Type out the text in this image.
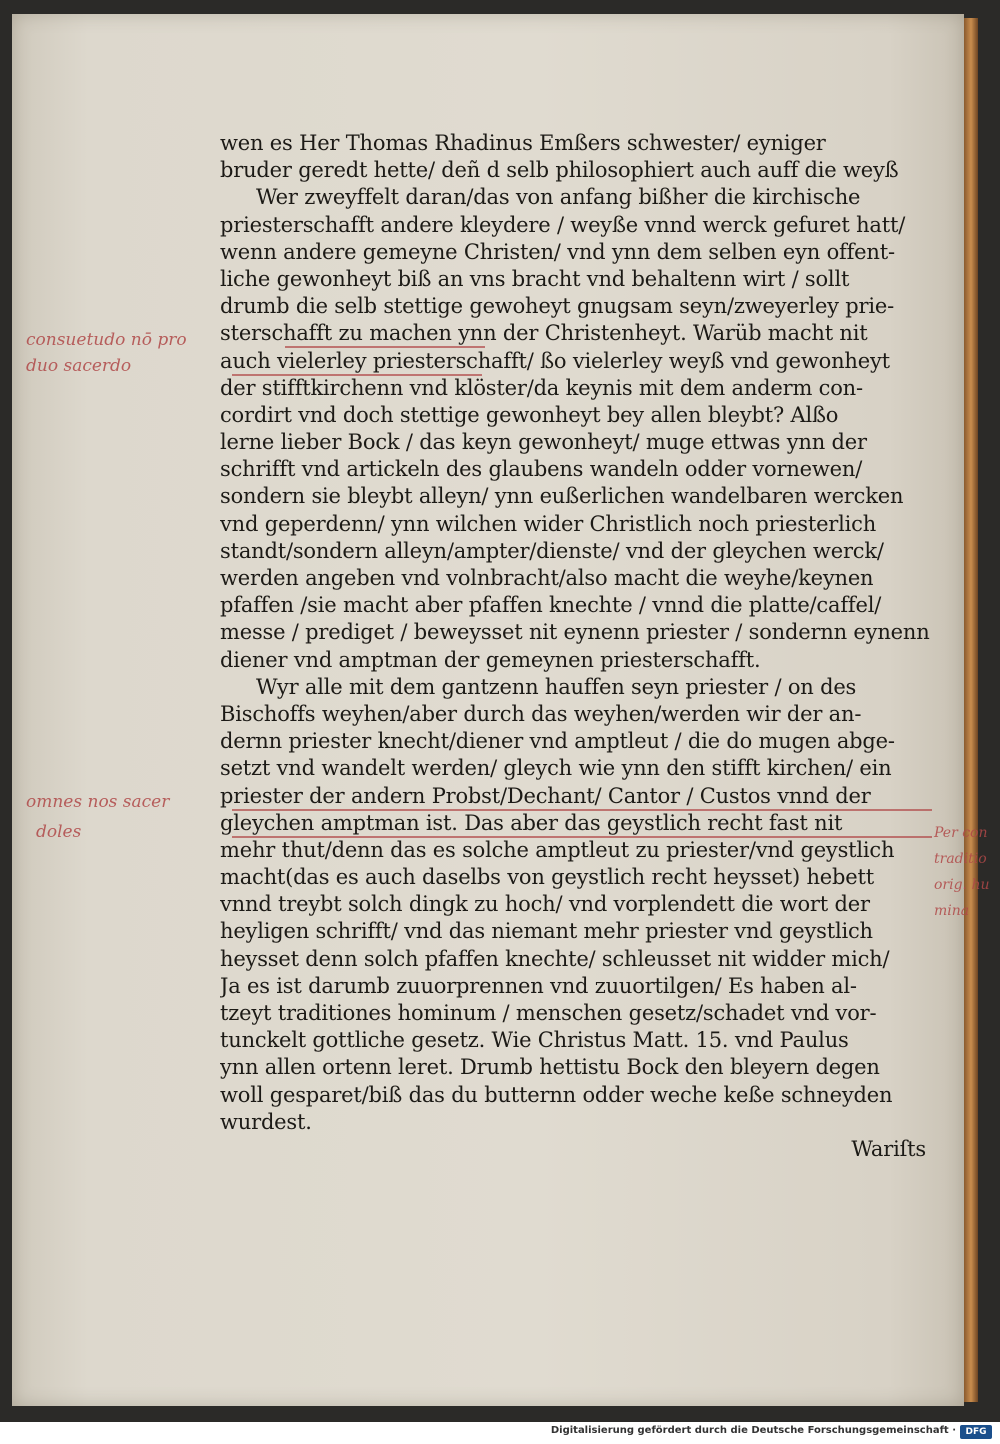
wen es Her Thomas Rhadinus Emßers schwester/ eyniger
bruder geredt hette/ deñ d selb philosophiert auch auff die weyß
Wer zweyffelt daran/das von anfang bißher die kirchische
priesterschafft andere kleydere / weyße vnnd werck gefuret hatt/
wenn andere gemeyne Christen/ vnd ynn dem selben eyn offent-
liche gewonheyt biß an vns bracht vnd behaltenn wirt / sollt
drumb die selb stettige gewoheyt gnugsam seyn/zweyerley prie-
sterschafft zu machen ynn der Christenheyt. Warüb macht nit
auch vielerley priesterschafft/ ßo vielerley weyß vnd gewonheyt
der stifftkirchenn vnd klöster/da keynis mit dem anderm con-
cordirt vnd doch stettige gewonheyt bey allen bleybt? Alßo
lerne lieber Bock / das keyn gewonheyt/ muge ettwas ynn der
schrifft vnd artickeln des glaubens wandeln odder vornewen/
sondern sie bleybt alleyn/ ynn eußerlichen wandelbaren wercken
vnd geperdenn/ ynn wilchen wider Christlich noch priesterlich
standt/sondern alleyn/ampter/dienste/ vnd der gleychen werck/
werden angeben vnd volnbracht/also macht die weyhe/keynen
pfaffen /sie macht aber pfaffen knechte / vnnd die platte/caffel/
messe / prediget / beweysset nit eynenn priester / sondernn eynenn
diener vnd amptman der gemeynen priesterschafft.
Wyr alle mit dem gantzenn hauffen seyn priester / on des
Bischoffs weyhen/aber durch das weyhen/werden wir der an-
dernn priester knecht/diener vnd amptleut / die do mugen abge-
setzt vnd wandelt werden/ gleych wie ynn den stifft kirchen/ ein
priester der andern Probst/Dechant/ Cantor / Custos vnnd der
gleychen amptman ist. Das aber das geystlich recht fast nit
mehr thut/denn das es solche amptleut zu priester/vnd geystlich
macht(das es auch daselbs von geystlich recht heysset) hebett
vnnd treybt solch dingk zu hoch/ vnd vorplendett die wort der
heyligen schrifft/ vnd das niemant mehr priester vnd geystlich
heysset denn solch pfaffen knechte/ schleusset nit widder mich/
Ja es ist darumb zuuorprennen vnd zuuortilgen/ Es haben al-
tzeyt traditiones hominum / menschen gesetz/schadet vnd vor-
tunckelt gottliche gesetz. Wie Christus Matt. 15. vnd Paulus
ynn allen ortenn leret. Drumb hettistu Bock den bleyern degen
woll gesparet/biß das du butternn odder weche keße schneyden
wurdest.
Wariſts
consuetudo nō pro
duo sacerdo
omnes nos sacer
doles	Per con
traditio
orig. hu
mina
Digitalisierung gefördert durch die Deutsche Forschungsgemeinschaft ·	DFG
